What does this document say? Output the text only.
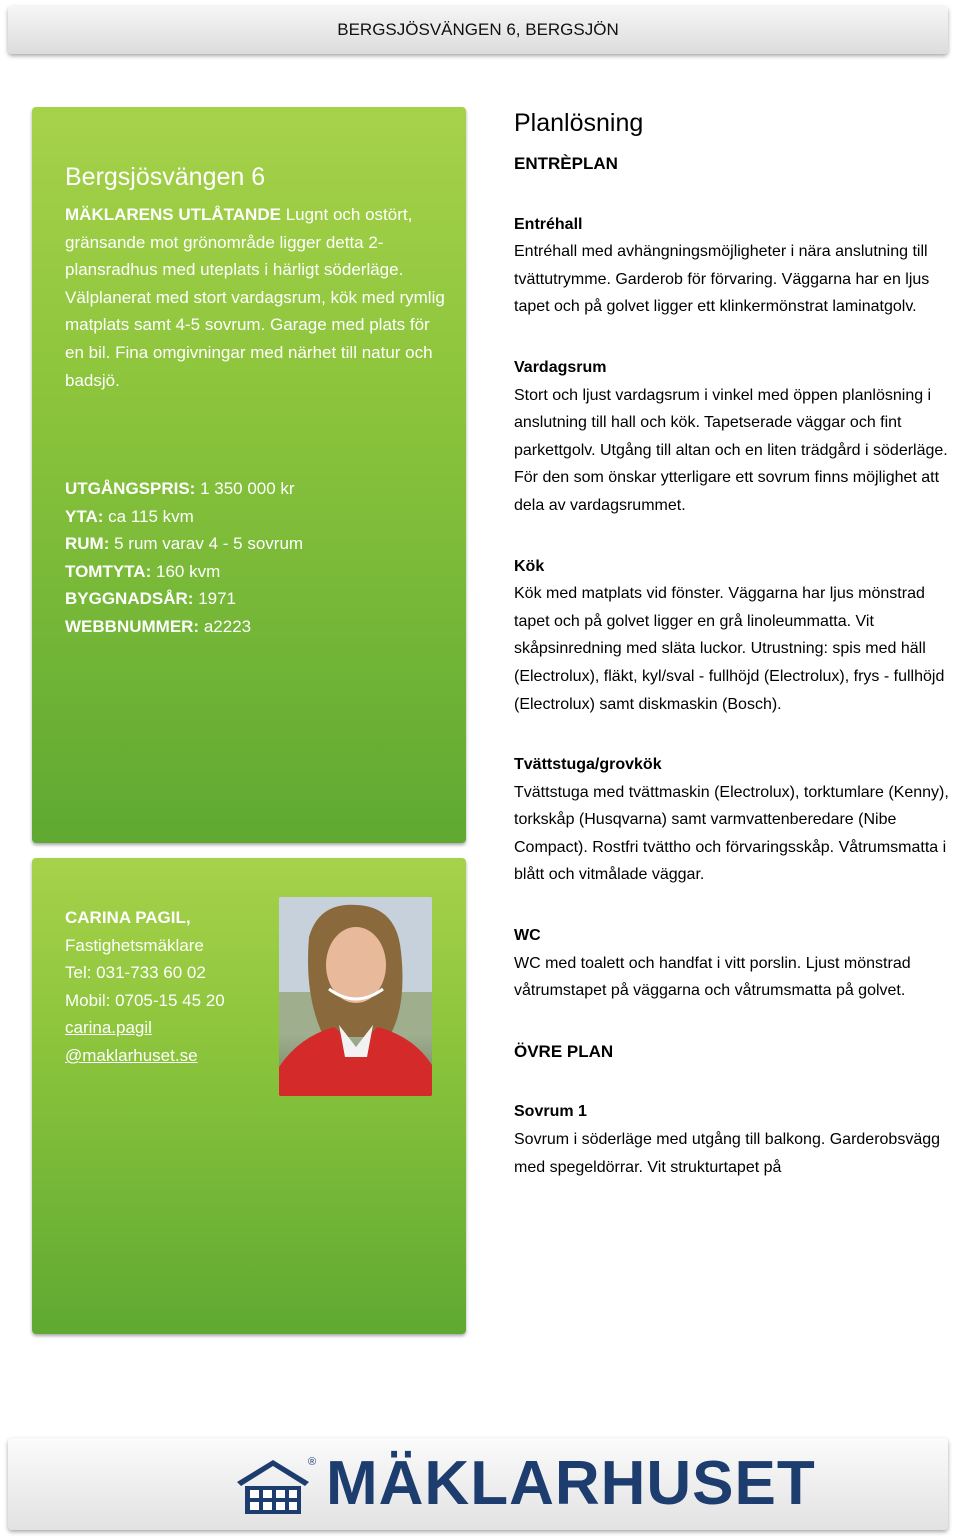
BERGSJÖSVÄNGEN 6, BERGSJÖN
Bergsjösvängen 6
MÄKLARENS UTLÅTANDE Lugnt och ostört, gränsande mot grönområde ligger detta 2-plansradhus med uteplats i härligt söderläge. Välplanerat med stort vardagsrum, kök med rymlig matplats samt 4-5 sovrum. Garage med plats för en bil. Fina omgivningar med närhet till natur och badsjö.
UTGÅNGSPRIS: 1 350 000 kr
YTA: ca 115 kvm
RUM: 5 rum varav 4 - 5 sovrum
TOMTYTA: 160 kvm
BYGGNADSÅR: 1971
WEBBNUMMER: a2223
CARINA PAGIL,
Fastighetsmäklare
Tel: 031-733 60 02
Mobil: 0705-15 45 20
carina.pagil
@maklarhuset.se
Planlösning

ENTRÈPLAN

Entréhall

Entréhall med avhängningsmöjligheter i nära anslutning till tvättutrymme. Garderob för förvaring. Väggarna har en ljus tapet och på golvet ligger ett klinkermönstrat laminatgolv.

Vardagsrum

Stort och ljust vardagsrum i vinkel med öppen planlösning i anslutning till hall och kök. Tapetserade väggar och fint parkettgolv. Utgång till altan och en liten trädgård i söderläge. För den som önskar ytterligare ett sovrum finns möjlighet att dela av vardagsrummet.

Kök

Kök med matplats vid fönster. Väggarna har ljus mönstrad tapet och på golvet ligger en grå linoleummatta. Vit skåpsinredning med släta luckor. Utrustning: spis med häll (Electrolux), fläkt, kyl/sval - fullhöjd (Electrolux), frys - fullhöjd (Electrolux) samt diskmaskin (Bosch).

Tvättstuga/grovkök

Tvättstuga med tvättmaskin (Electrolux), torktumlare (Kenny), torkskåp (Husqvarna) samt varmvattenberedare (Nibe Compact). Rostfri tvättho och förvaringsskåp. Våtrumsmatta i blått och vitmålade väggar.

WC

WC med toalett och handfat i vitt porslin. Ljust mönstrad våtrumstapet på väggarna och våtrumsmatta på golvet.

ÖVRE PLAN

Sovrum 1

Sovrum i söderläge med utgång till balkong. Garderobsvägg med spegeldörrar. Vit strukturtapet på

® MÄKLARHUSET
